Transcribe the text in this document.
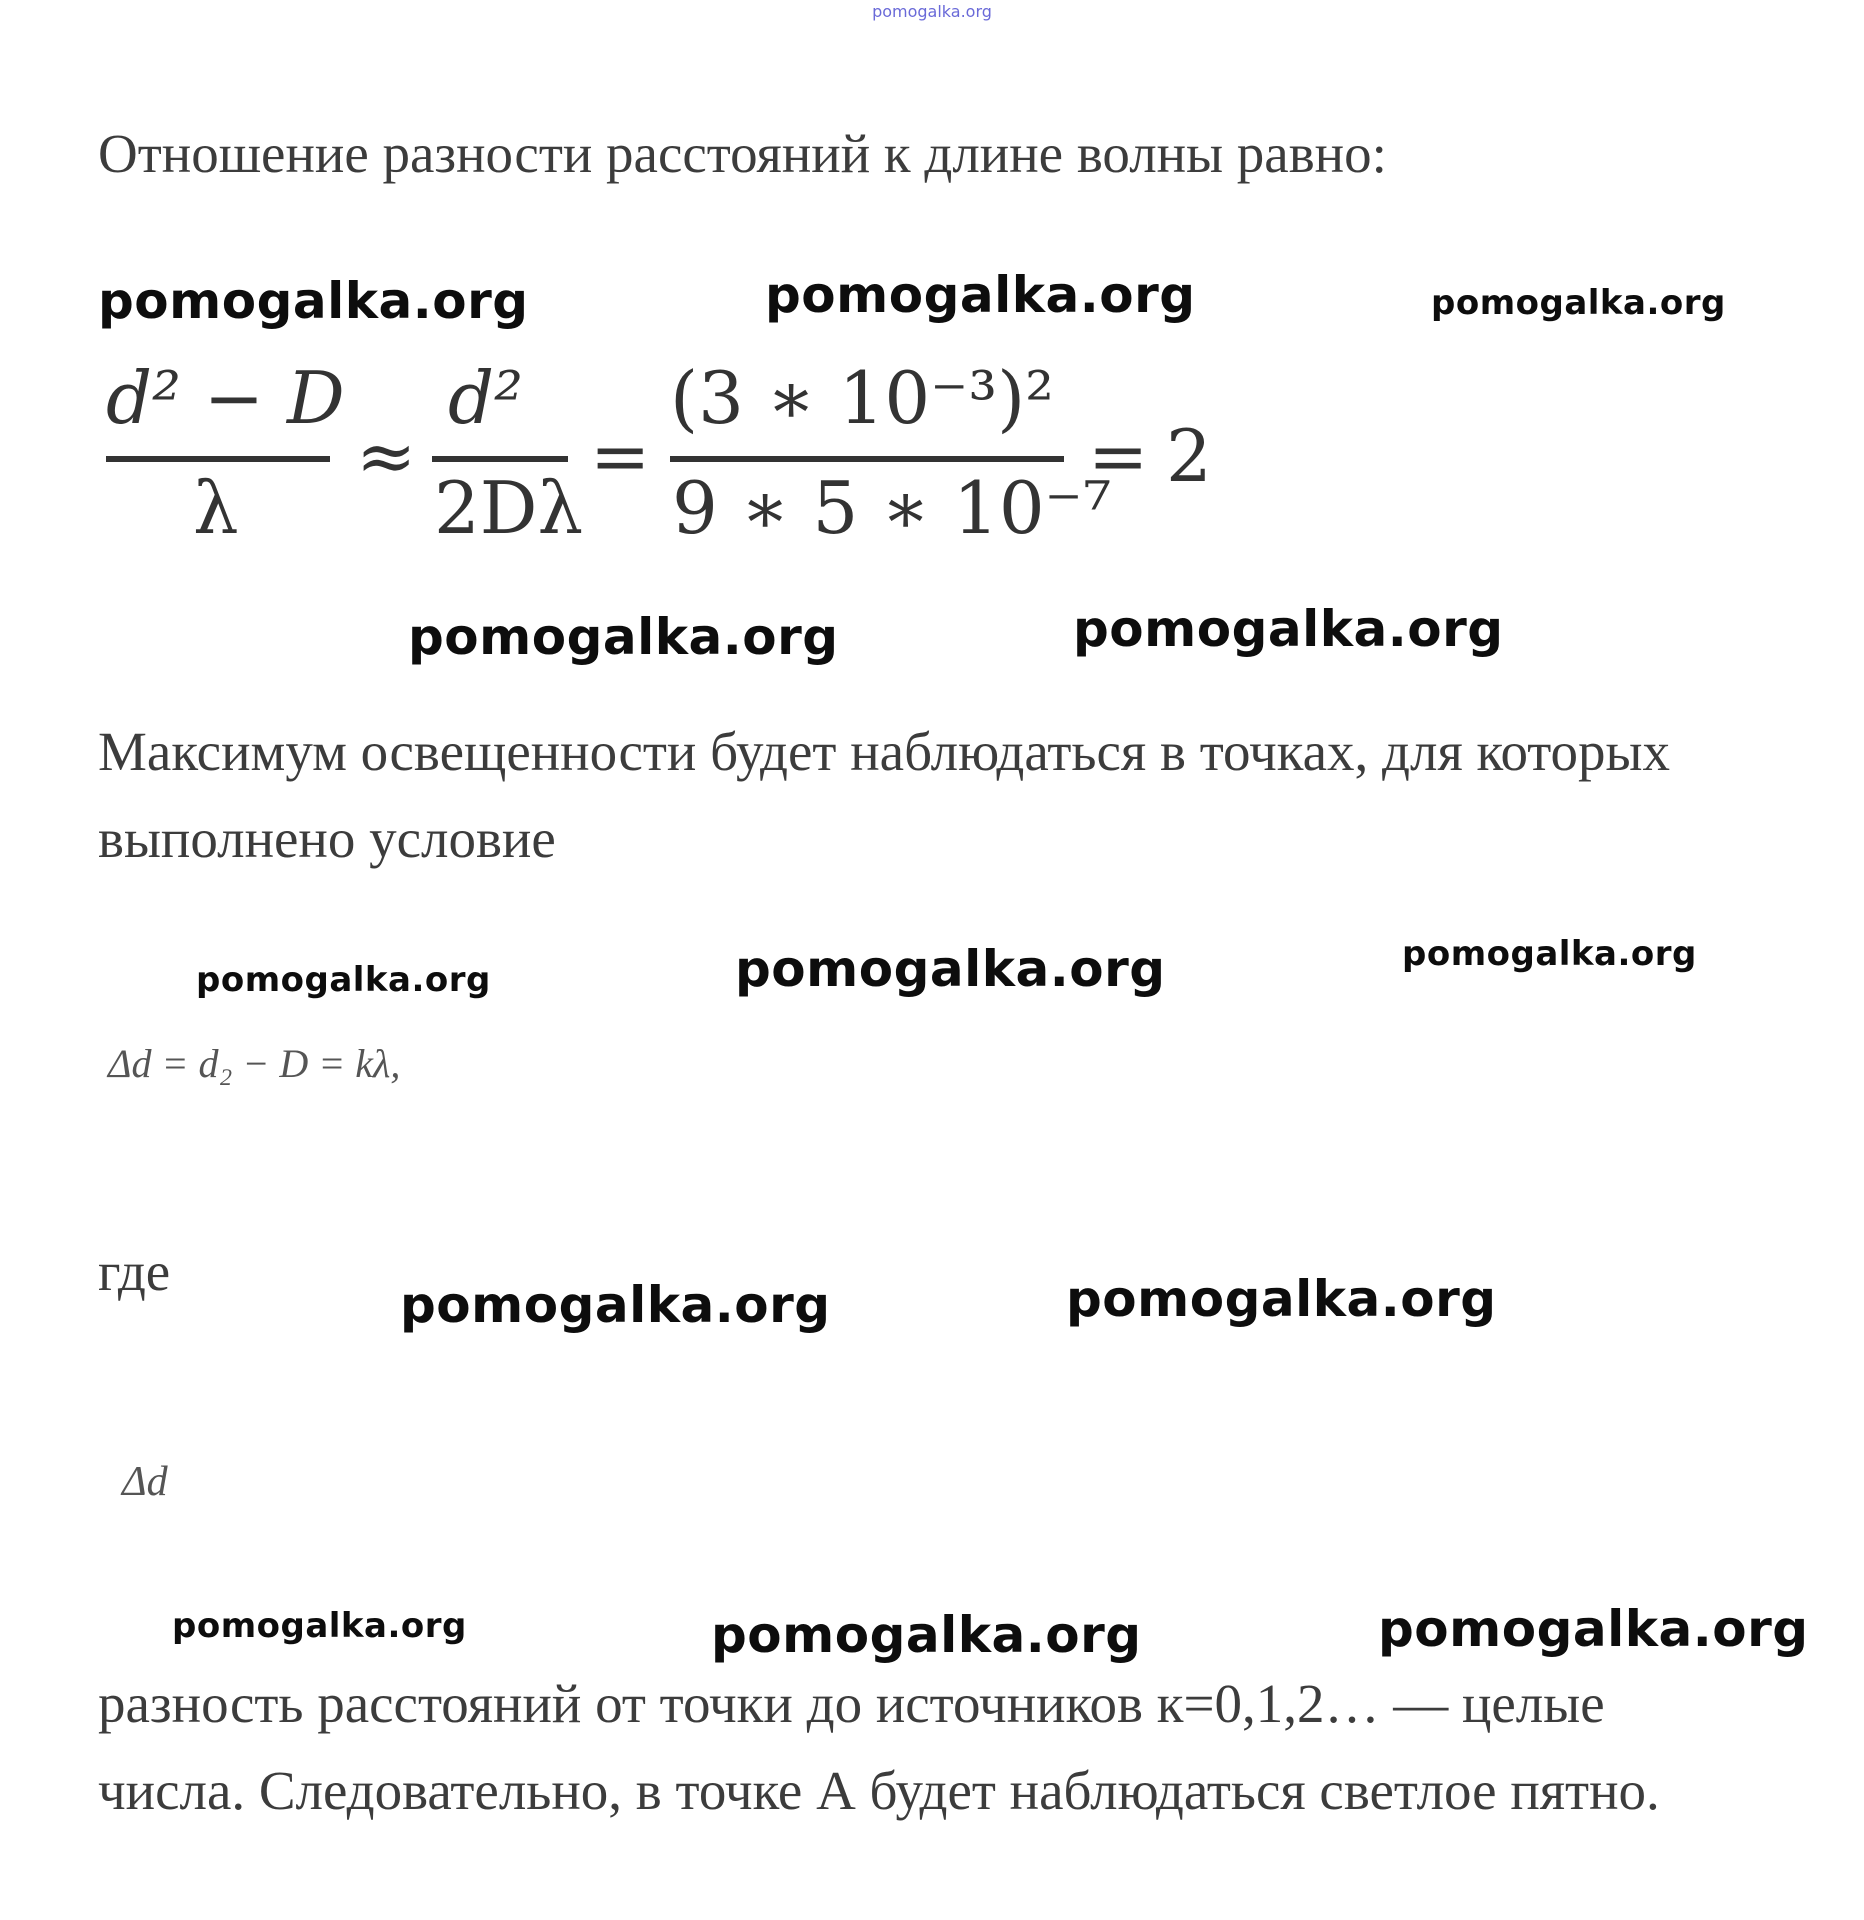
pomogalka.org
Отношение разности расстояний к длине волны равно:
pomogalka.org	pomogalka.org	pomogalka.org
d² − D
λ
≈
d²
2Dλ
=
(3 ∗ 10⁻³)²
9 ∗ 5 ∗ 10⁻⁷
= 2
pomogalka.org	pomogalka.org
Максимум освещенности будет наблюдаться в точках, для которых
выполнено условие
pomogalka.org	pomogalka.org	pomogalka.org
Δd = d₂ − D = kλ,
где
pomogalka.org	pomogalka.org
Δd
pomogalka.org	pomogalka.org	pomogalka.org
разность расстояний от точки до источников к=0,1,2… — целые
числа. Следовательно, в точке А будет наблюдаться светлое пятно.
